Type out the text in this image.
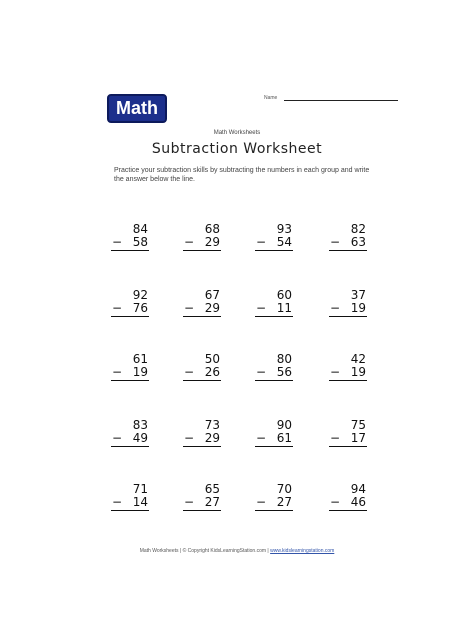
Math	Name
Math Worksheets
Subtraction Worksheet
Practice your subtraction skills by subtracting the numbers in each group and write the answer below the line.
84
− 58
68
− 29
93
− 54
82
− 63
92
− 76
67
− 29
60
− 11
37
− 19
61
− 19
50
− 26
80
− 56
42
− 19
83
− 49
73
− 29
90
− 61
75
− 17
71
− 14
65
− 27
70
− 27
94
− 46
Math Worksheets | © Copyright KidsLearningStation.com | www.kidslearningstation.com
